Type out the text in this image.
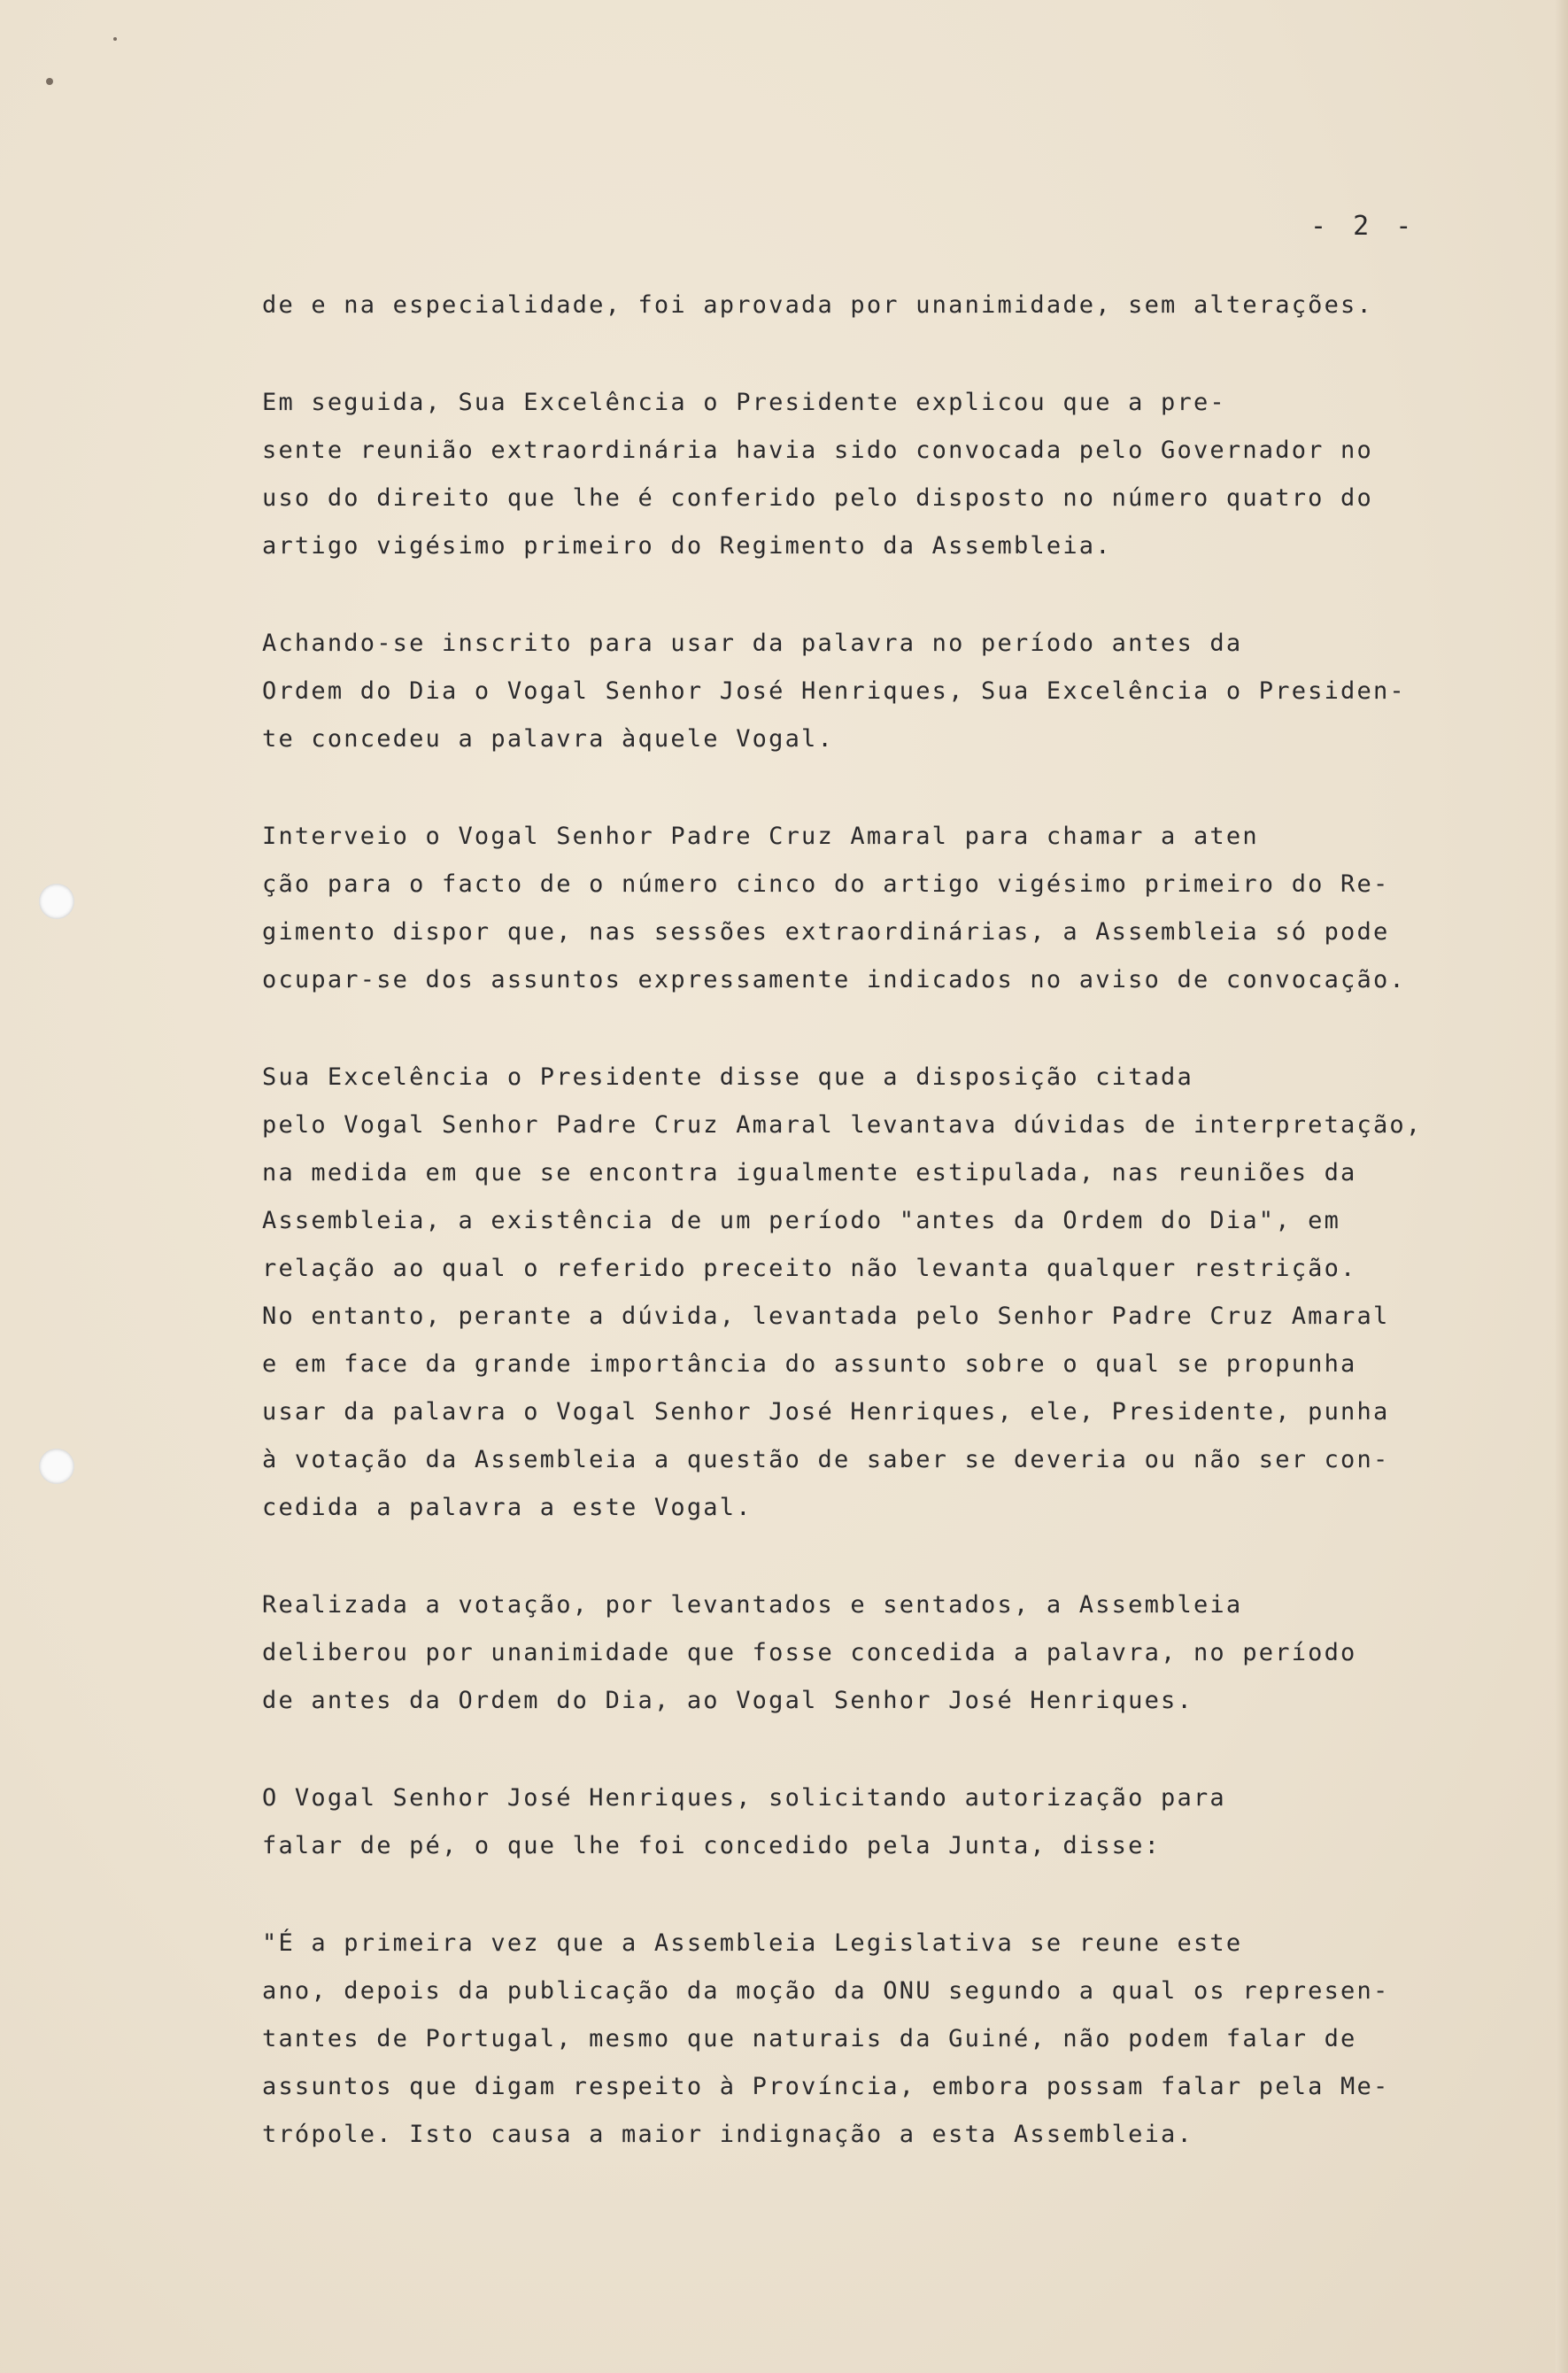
- 2 -
de e na especialidade, foi aprovada por unanimidade, sem alterações.
Em seguida, Sua Excelência o Presidente explicou que a pre-
sente reunião extraordinária havia sido convocada pelo Governador no
uso do direito que lhe é conferido pelo disposto no número quatro do
artigo vigésimo primeiro do Regimento da Assembleia.
Achando-se inscrito para usar da palavra no período antes da
Ordem do Dia o Vogal Senhor José Henriques, Sua Excelência o Presiden-
te concedeu a palavra àquele Vogal.
Interveio o Vogal Senhor Padre Cruz Amaral para chamar a aten
ção para o facto de o número cinco do artigo vigésimo primeiro do Re-
gimento dispor que, nas sessões extraordinárias, a Assembleia só pode
ocupar-se dos assuntos expressamente indicados no aviso de convocação.
Sua Excelência o Presidente disse que a disposição citada
pelo Vogal Senhor Padre Cruz Amaral levantava dúvidas de interpretação,
na medida em que se encontra igualmente estipulada, nas reuniões da
Assembleia, a existência de um período "antes da Ordem do Dia", em
relação ao qual o referido preceito não levanta qualquer restrição.
No entanto, perante a dúvida, levantada pelo Senhor Padre Cruz Amaral
e em face da grande importância do assunto sobre o qual se propunha
usar da palavra o Vogal Senhor José Henriques, ele, Presidente, punha
à votação da Assembleia a questão de saber se deveria ou não ser con-
cedida a palavra a este Vogal.
Realizada a votação, por levantados e sentados, a Assembleia
deliberou por unanimidade que fosse concedida a palavra, no período
de antes da Ordem do Dia, ao Vogal Senhor José Henriques.
O Vogal Senhor José Henriques, solicitando autorização para
falar de pé, o que lhe foi concedido pela Junta, disse:
"É a primeira vez que a Assembleia Legislativa se reune este
ano, depois da publicação da moção da ONU segundo a qual os represen-
tantes de Portugal, mesmo que naturais da Guiné, não podem falar de
assuntos que digam respeito à Província, embora possam falar pela Me-
trópole. Isto causa a maior indignação a esta Assembleia.
